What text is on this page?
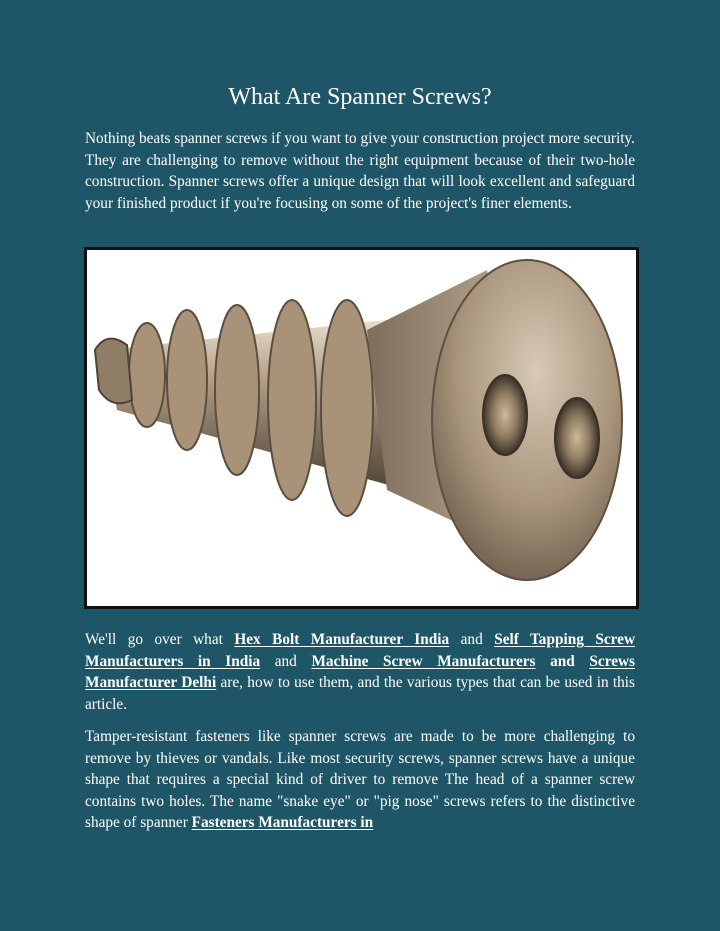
What Are Spanner Screws?

Nothing beats spanner screws if you want to give your construction project more security. They are challenging to remove without the right equipment because of their two-hole construction. Spanner screws offer a unique design that will look excellent and safeguard your finished product if you're focusing on some of the project's finer elements.

We'll go over what Hex Bolt Manufacturer India and Self Tapping Screw Manufacturers in India and Machine Screw Manufacturers and Screws Manufacturer Delhi are, how to use them, and the various types that can be used in this article.

Tamper-resistant fasteners like spanner screws are made to be more challenging to remove by thieves or vandals. Like most security screws, spanner screws have a unique shape that requires a special kind of driver to remove The head of a spanner screw contains two holes. The name "snake eye" or "pig nose" screws refers to the distinctive shape of spanner Fasteners Manufacturers in
